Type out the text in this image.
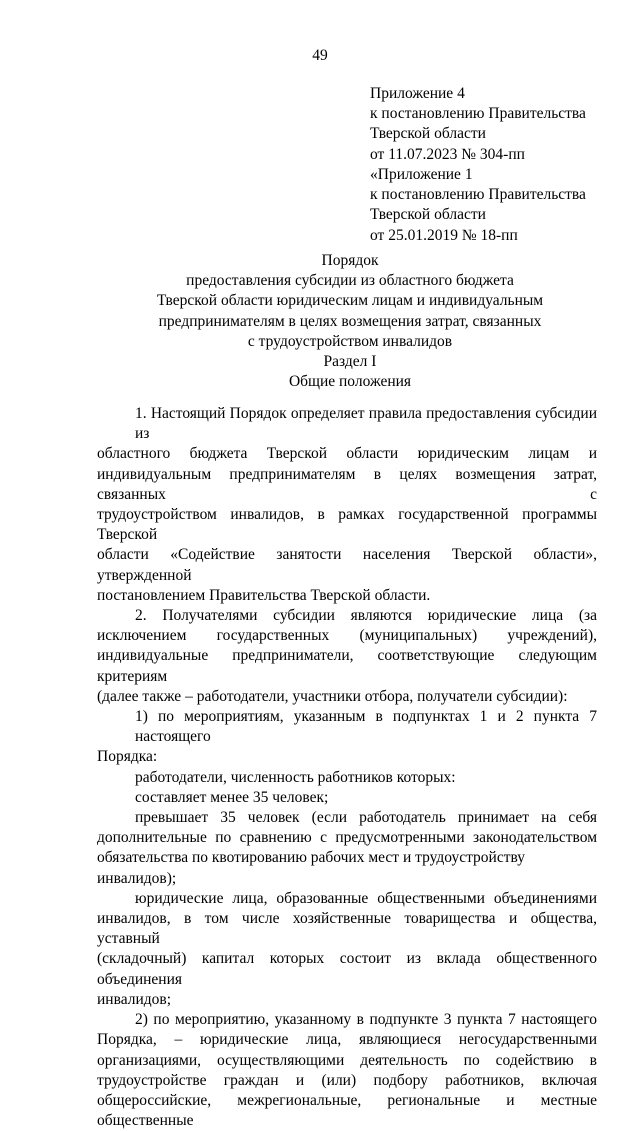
49
Приложение 4
к постановлению Правительства
Тверской области
от 11.07.2023 № 304-пп
«Приложение 1
к постановлению Правительства
Тверской области
от 25.01.2019 № 18-пп
Порядок
предоставления субсидии из областного бюджета
Тверской области юридическим лицам и индивидуальным
предпринимателям в целях возмещения затрат, связанных
с трудоустройством инвалидов
Раздел I
Общие положения
1. Настоящий Порядок определяет правила предоставления субсидии из
областного бюджета Тверской области юридическим лицам и
индивидуальным предпринимателям в целях возмещения затрат, связанных с
трудоустройством инвалидов, в рамках государственной программы Тверской
области «Содействие занятости населения Тверской области», утвержденной
постановлением Правительства Тверской области.
2. Получателями субсидии являются юридические лица (за
исключением государственных (муниципальных) учреждений),
индивидуальные предприниматели, соответствующие следующим критериям
(далее также – работодатели, участники отбора, получатели субсидии):
1) по мероприятиям, указанным в подпунктах 1 и 2 пункта 7 настоящего
Порядка:
работодатели, численность работников которых:
составляет менее 35 человек;
превышает 35 человек (если работодатель принимает на себя
дополнительные по сравнению с предусмотренными законодательством
обязательства по квотированию рабочих мест и трудоустройству инвалидов);
юридические лица, образованные общественными объединениями
инвалидов, в том числе хозяйственные товарищества и общества, уставный
(складочный) капитал которых состоит из вклада общественного объединения
инвалидов;
2) по мероприятию, указанному в подпункте 3 пункта 7 настоящего
Порядка, – юридические лица, являющиеся негосударственными
организациями, осуществляющими деятельность по содействию в
трудоустройстве граждан и (или) подбору работников, включая
общероссийские, межрегиональные, региональные и местные общественные
